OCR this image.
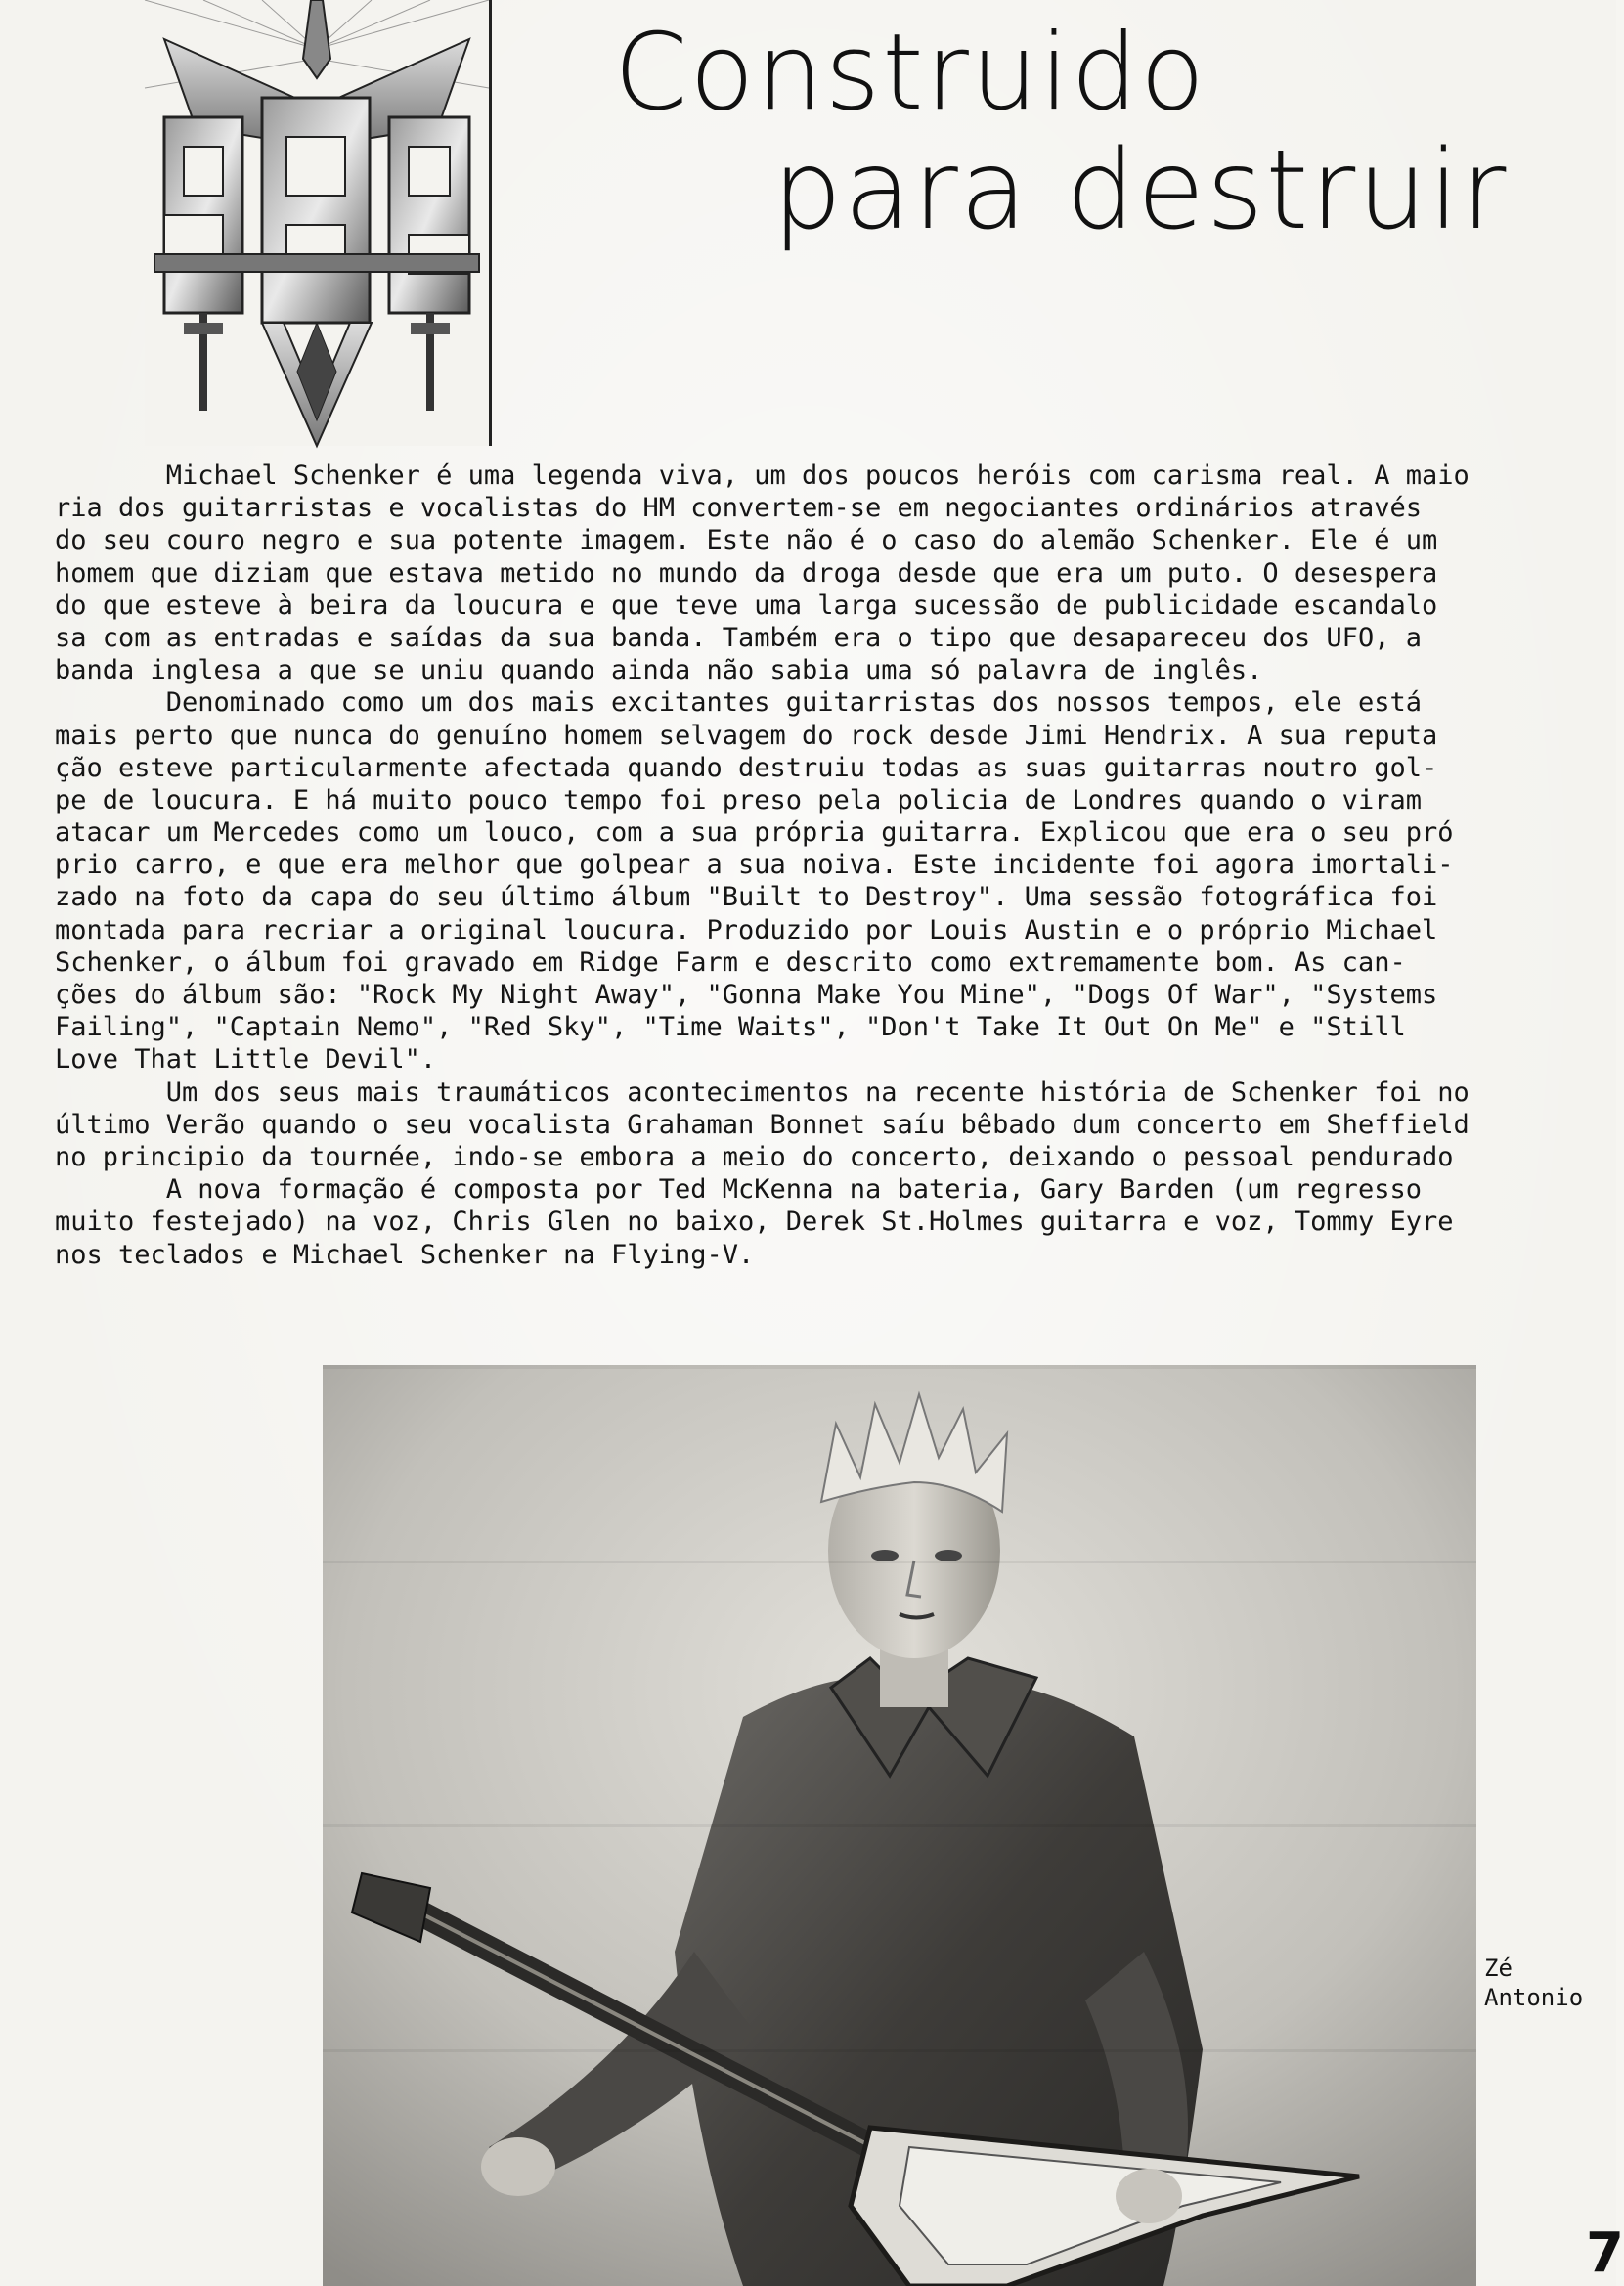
Construido
para destruir
Michael Schenker é uma legenda viva, um dos poucos heróis com carisma real. A maio
ria dos guitarristas e vocalistas do HM convertem-se em negociantes ordinários através
do seu couro negro e sua potente imagem. Este não é o caso do alemão Schenker. Ele é um
homem que diziam que estava metido no mundo da droga desde que era um puto. O desespera
do que esteve à beira da loucura e que teve uma larga sucessão de publicidade escandalo
sa com as entradas e saídas da sua banda. Também era o tipo que desapareceu dos UFO, a
banda inglesa a que se uniu quando ainda não sabia uma só palavra de inglês.
Denominado como um dos mais excitantes guitarristas dos nossos tempos, ele está
mais perto que nunca do genuíno homem selvagem do rock desde Jimi Hendrix. A sua reputa
ção esteve particularmente afectada quando destruiu todas as suas guitarras noutro gol-
pe de loucura. E há muito pouco tempo foi preso pela policia de Londres quando o viram
atacar um Mercedes como um louco, com a sua própria guitarra. Explicou que era o seu pró
prio carro, e que era melhor que golpear a sua noiva. Este incidente foi agora imortali-
zado na foto da capa do seu último álbum "Built to Destroy". Uma sessão fotográfica foi
montada para recriar a original loucura. Produzido por Louis Austin e o próprio Michael
Schenker, o álbum foi gravado em Ridge Farm e descrito como extremamente bom. As can-
ções do álbum são: "Rock My Night Away", "Gonna Make You Mine", "Dogs Of War", "Systems
Failing", "Captain Nemo", "Red Sky", "Time Waits", "Don't Take It Out On Me" e "Still
Love That Little Devil".
Um dos seus mais traumáticos acontecimentos na recente história de Schenker foi no
último Verão quando o seu vocalista Grahaman Bonnet saíu bêbado dum concerto em Sheffield
no principio da tournée, indo-se embora a meio do concerto, deixando o pessoal pendurado
A nova formação é composta por Ted McKenna na bateria, Gary Barden (um regresso
muito festejado) na voz, Chris Glen no baixo, Derek St.Holmes guitarra e voz, Tommy Eyre
nos teclados e Michael Schenker na Flying-V.
Zé
Antonio
7
